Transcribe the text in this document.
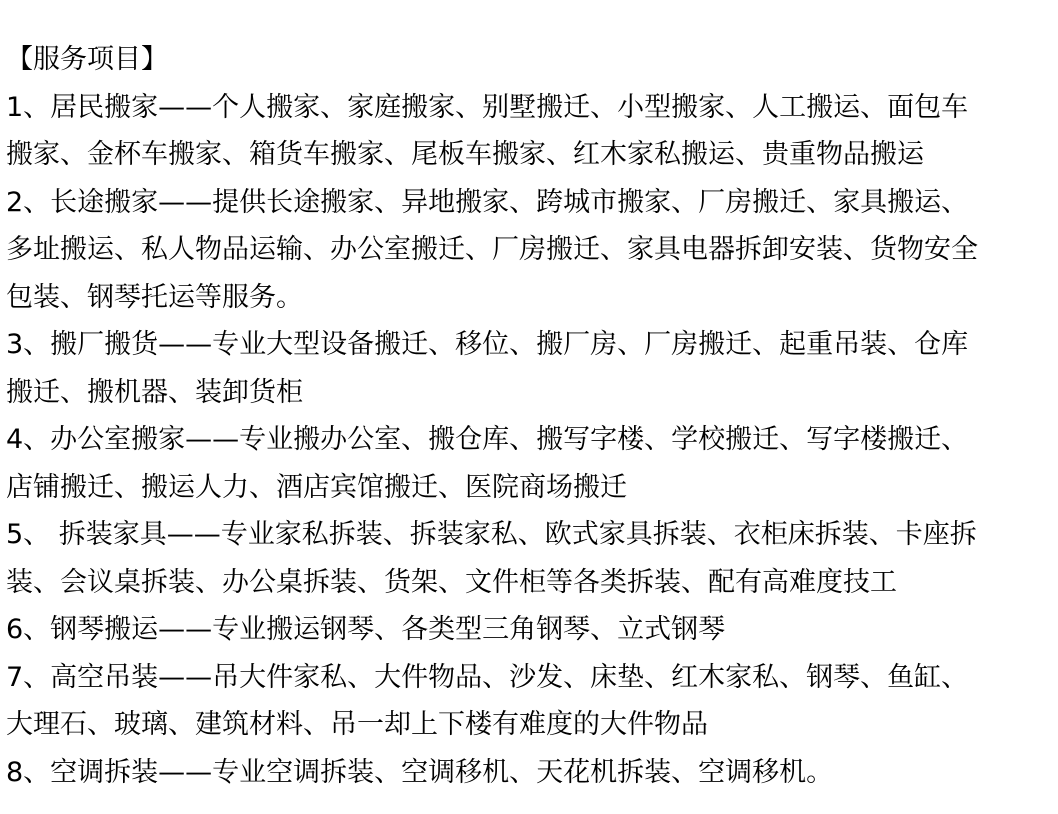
【服务项目】
1、居民搬家——个人搬家、家庭搬家、别墅搬迁、小型搬家、人工搬运、面包车
搬家、金杯车搬家、箱货车搬家、尾板车搬家、红木家私搬运、贵重物品搬运
2、长途搬家——提供长途搬家、异地搬家、跨城市搬家、厂房搬迁、家具搬运、
多址搬运、私人物品运输、办公室搬迁、厂房搬迁、家具电器拆卸安装、货物安全
包装、钢琴托运等服务。
3、搬厂搬货——专业大型设备搬迁、移位、搬厂房、厂房搬迁、起重吊装、仓库
搬迁、搬机器、装卸货柜
4、办公室搬家——专业搬办公室、搬仓库、搬写字楼、学校搬迁、写字楼搬迁、
店铺搬迁、搬运人力、酒店宾馆搬迁、医院商场搬迁
5、 拆装家具——专业家私拆装、拆装家私、欧式家具拆装、衣柜床拆装、卡座拆
装、会议桌拆装、办公桌拆装、货架、文件柜等各类拆装、配有高难度技工
6、钢琴搬运——专业搬运钢琴、各类型三角钢琴、立式钢琴
7、高空吊装——吊大件家私、大件物品、沙发、床垫、红木家私、钢琴、鱼缸、
大理石、玻璃、建筑材料、吊一却上下楼有难度的大件物品
8、空调拆装——专业空调拆装、空调移机、天花机拆装、空调移机。
